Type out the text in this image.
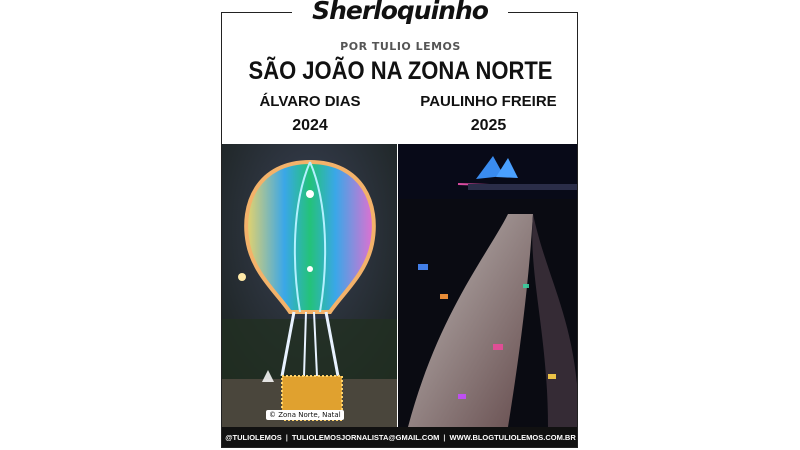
POR TULIO LEMOS
SÃO JOÃO NA ZONA NORTE
ÁLVARO DIAS
2024
PAULINHO FREIRE
2025
© Zona Norte, Natal
@TULIOLEMOS | TULIOLEMOSJORNALISTA@GMAIL.COM | WWW.BLOGTULIOLEMOS.COM.BR
Sherloquinho
